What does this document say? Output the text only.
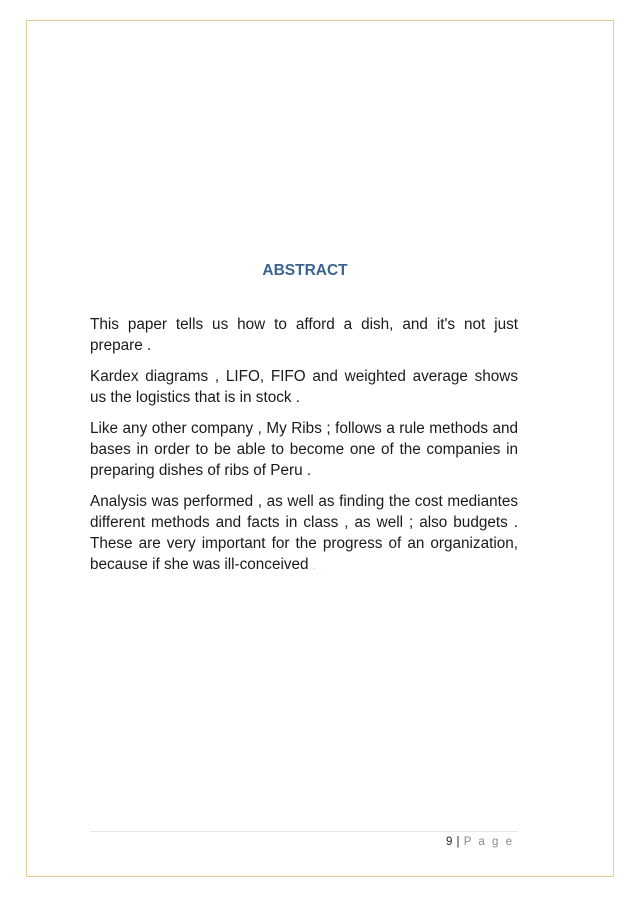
ABSTRACT

This paper tells us how to afford a dish, and it's not just prepare .

Kardex diagrams , LIFO, FIFO and weighted average shows us the logistics that is in stock .

Like any other company , My Ribs ; follows a rule methods and bases in order to be able to become one of the companies in preparing dishes of ribs of Peru .

Analysis was performed , as well as finding the cost mediantes different methods and facts in class , as well ; also budgets . These are very important for the progress of an organization, because if she was ill-conceived .

9 | P a g e
